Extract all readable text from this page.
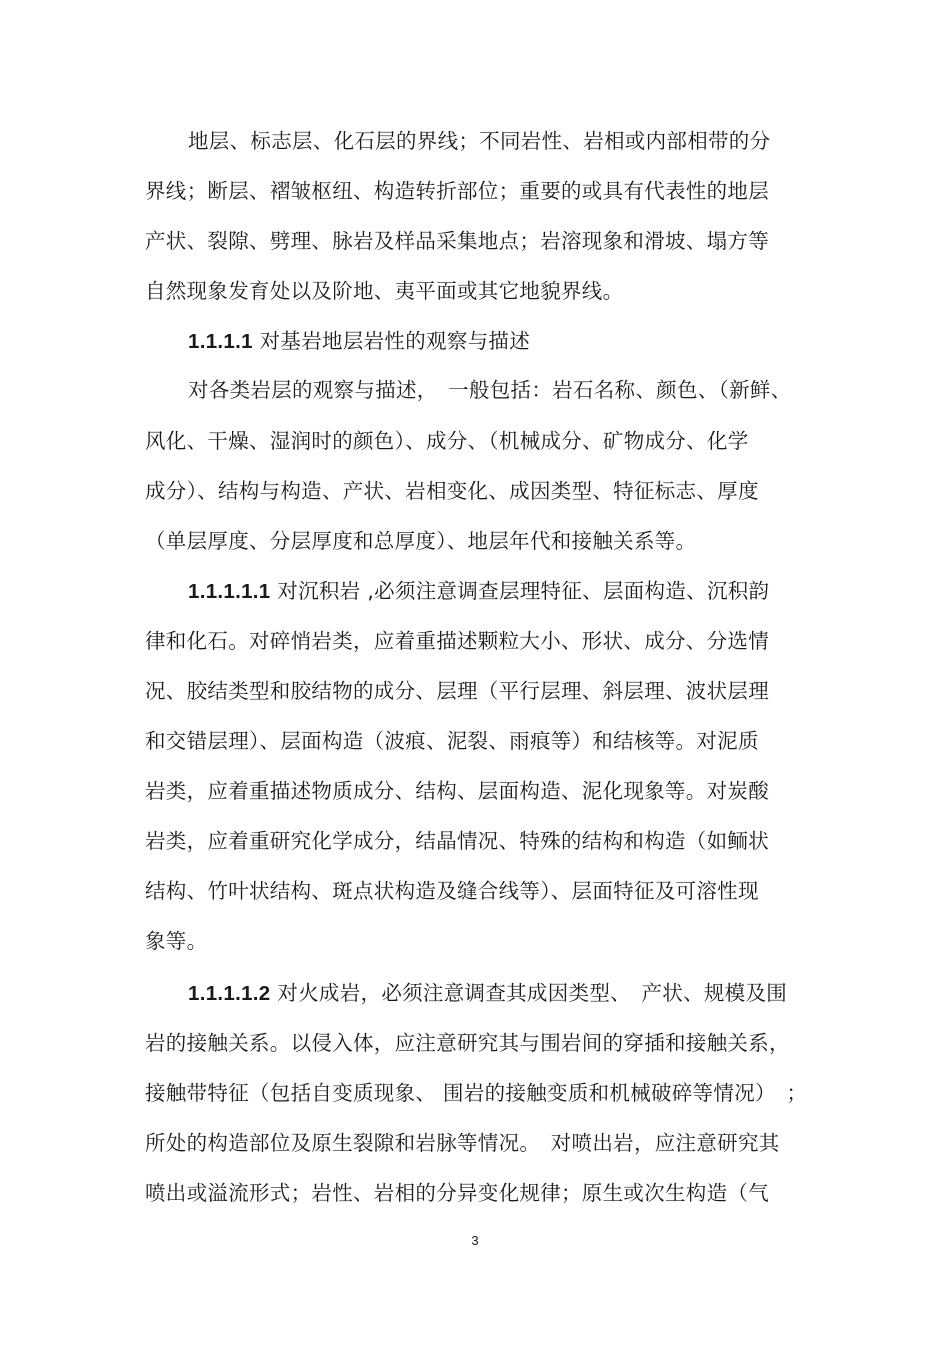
地层、标志层、化石层的界线；不同岩性、岩相或内部相带的分
界线；断层、褶皱枢纽、构造转折部位；重要的或具有代表性的地层
产状、裂隙、劈理、脉岩及样品采集地点；岩溶现象和滑坡、塌方等
自然现象发育处以及阶地、夷平面或其它地貌界线。
1.1.1.1 对基岩地层岩性的观察与描述
对各类岩层的观察与描述，　一般包括：岩石名称、颜色、（新鲜、
风化、干燥、湿润时的颜色）、成分、（机械成分、矿物成分、化学
成分）、结构与构造、产状、岩相变化、成因类型、特征标志、厚度
（单层厚度、分层厚度和总厚度）、地层年代和接触关系等。
1.1.1.1.1 对沉积岩 ,必须注意调查层理特征、层面构造、沉积韵
律和化石。对碎悄岩类，应着重描述颗粒大小、形状、成分、分选情
况、胶结类型和胶结物的成分、层理（平行层理、斜层理、波状层理
和交错层理）、层面构造（波痕、泥裂、雨痕等）和结核等。对泥质
岩类，应着重描述物质成分、结构、层面构造、泥化现象等。对炭酸
岩类，应着重研究化学成分，结晶情况、特殊的结构和构造（如鲕状
结构、竹叶状结构、斑点状构造及缝合线等）、层面特征及可溶性现
象等。
1.1.1.1.2 对火成岩，必须注意调查其成因类型、　产状、规模及围
岩的接触关系。以侵入体，应注意研究其与围岩间的穿插和接触关系，
接触带特征（包括自变质现象、 围岩的接触变质和机械破碎等情况）　；
所处的构造部位及原生裂隙和岩脉等情况。　对喷出岩，应注意研究其
喷出或溢流形式；岩性、岩相的分异变化规律；原生或次生构造（气
3
